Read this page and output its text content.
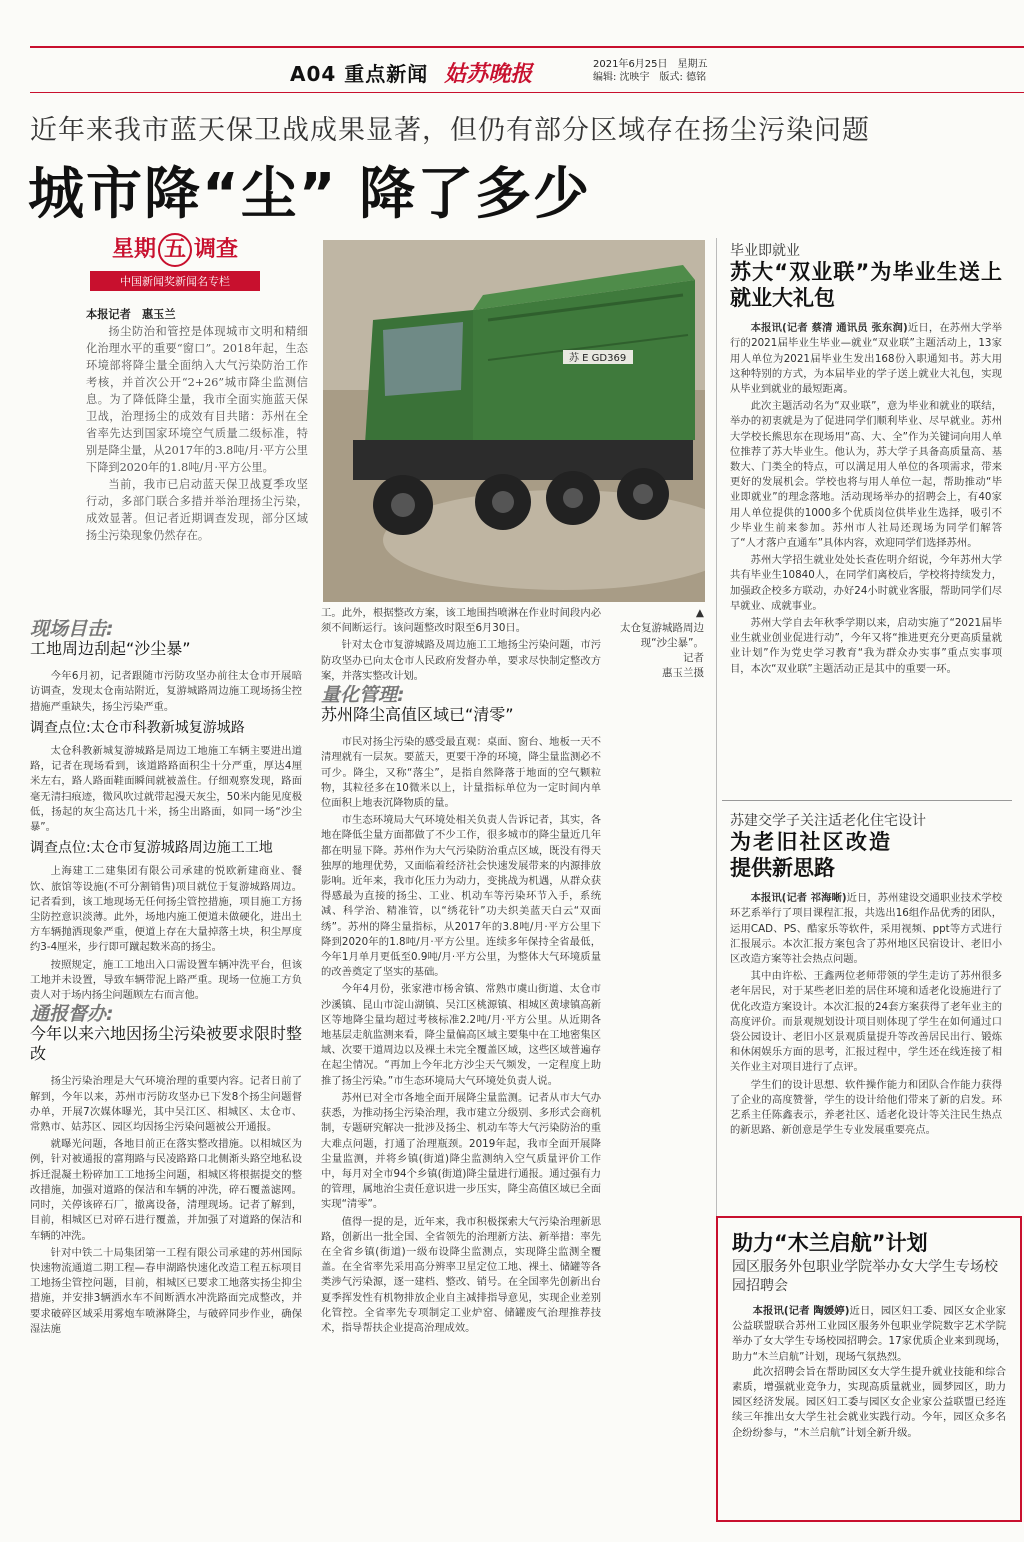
A04 重点新闻 姑苏晚报	2021年6月25日　星期五
编辑: 沈映宇　版式: 德铭
近年来我市蓝天保卫战成果显著，但仍有部分区域存在扬尘污染问题
城市降“尘” 降了多少
星期 五 调查
中国新闻奖新闻名专栏

本报记者　惠玉兰

扬尘防治和管控是体现城市文明和精细化治理水平的重要“窗口”。2018年起，生态环境部将降尘量全面纳入大气污染防治工作考核，并首次公开“2+26”城市降尘监测信息。为了降低降尘量，我市全面实施蓝天保卫战，治理扬尘的成效有目共睹：苏州在全省率先达到国家环境空气质量二级标准，特别是降尘量，从2017年的3.8吨/月·平方公里下降到2020年的1.8吨/月·平方公里。

当前，我市已启动蓝天保卫战夏季攻坚行动，多部门联合多措并举治理扬尘污染，成效显著。但记者近期调查发现，部分区域扬尘污染现象仍然存在。

苏 E GD369
▲
太仓复游城路周边现“沙尘暴”。
记者
惠玉兰摄
现场目击:
工地周边刮起“沙尘暴”

今年6月初，记者跟随市污防攻坚办前往太仓市开展暗访调查，发现太仓南站附近，复游城路周边施工现场扬尘控措施严重缺失，扬尘污染严重。

调查点位:太仓市科教新城复游城路

太仓科教新城复游城路是周边工地施工车辆主要进出道路，记者在现场看到，该道路路面积尘十分严重，厚达4厘米左右，路人路面鞋面瞬间就被盖住。仔细观察发现，路面毫无清扫痕迹，微风吹过就带起漫天灰尘，50米内能见度极低，扬起的灰尘高达几十米，扬尘出路面，如同一场“沙尘暴”。

调查点位:太仓市复游城路周边施工工地

上海建工二建集团有限公司承建的悦欧新建商业、餐饮、旅馆等设施(不可分割销售)项目就位于复游城路周边。记者看到，该工地现场无任何扬尘管控措施，项目施工方扬尘防控意识淡薄。此外，场地内施工便道未做硬化，进出土方车辆抛洒现象严重，便道上存在大量掉落土块，积尘厚度约3-4厘米，步行即可蹴起数米高的扬尘。

按照规定，施工工地出入口需设置车辆冲洗平台，但该工地并未设置，导致车辆带泥上路严重。现场一位施工方负责人对于场内扬尘问题顾左右而言他。

通报督办:
今年以来六地因扬尘污染被要求限时整改

扬尘污染治理是大气环境治理的重要内容。记者日前了解到，今年以来，苏州市污防攻坚办已下发8个扬尘问题督办单，开展7次媒体曝光，其中吴江区、相城区、太仓市、常熟市、姑苏区、园区均因扬尘污染问题被公开通报。

就曝光问题，各地目前正在落实整改措施。以相城区为例，针对被通报的富翔路与民凌路路口北侧渐头路空地私设拆迁混凝土粉碎加工工地扬尘问题，相城区将根据提交的整改措施，加强对道路的保洁和车辆的冲洗，碎石覆盖滤网。同时，关停该碎石厂，撤离设备，清理现场。记者了解到，目前，相城区已对碎石进行覆盖，并加强了对道路的保洁和车辆的冲洗。

针对中铁二十局集团第一工程有限公司承建的苏州国际快速物流通道二期工程—春申湖路快速化改造工程五标项目工地扬尘管控问题，目前，相城区已要求工地落实扬尘抑尘措施，并安排3辆洒水车不间断洒水冲洗路面完成整改，并要求破碎区域采用雾炮车喷淋降尘，与破碎同步作业，确保湿法施

工。此外，根据整改方案，该工地围挡喷淋在作业时间段内必须不间断运行。该问题整改时限至6月30日。

针对太仓市复游城路及周边施工工地扬尘污染问题，市污防攻坚办已向太仓市人民政府发督办单，要求尽快制定整改方案，并落实整改计划。

量化管理:
苏州降尘高值区域已“清零”

市民对扬尘污染的感受最直观：桌面、窗台、地板一天不清理就有一层灰。要蓝天，更要干净的环境，降尘量监测必不可少。降尘，又称“落尘”，是指自然降落于地面的空气颗粒物，其粒径多在10微米以上，计量指标单位为一定时间内单位面积上地表沉降物质的量。

市生态环境局大气环境处相关负责人告诉记者，其实，各地在降低尘量方面都做了不少工作，很多城市的降尘量近几年都在明显下降。苏州作为大气污染防治重点区域，既没有得天独厚的地理优势，又面临着经济社会快速发展带来的内源排放影响。近年来，我市化压力为动力，变挑战为机遇，从群众获得感最为直接的扬尘、工业、机动车等污染环节入手，系统减、科学治、精准管，以“绣花针”功夫织美蓝天白云“双面绣”。苏州的降尘量指标，从2017年的3.8吨/月·平方公里下降到2020年的1.8吨/月·平方公里。连续多年保持全省最低，今年1月单月更低至0.9吨/月·平方公里，为整体大气环境质量的改善奠定了坚实的基础。

今年4月份，张家港市杨舍镇、常熟市虞山街道、太仓市沙溪镇、昆山市淀山湖镇、吴江区桃源镇、相城区黄埭镇高新区等地降尘量均超过考核标准2.2吨/月·平方公里。从近期各地基层走航监测来看，降尘量偏高区域主要集中在工地密集区域、次要干道周边以及裸土未完全覆盖区域，这些区域普遍存在起尘情况。“再加上今年北方沙尘天气频发，一定程度上助推了扬尘污染。”市生态环境局大气环境处负责人说。

苏州已对全市各地全面开展降尘量监测。记者从市大气办获悉，为推动扬尘污染治理，我市建立分级别、多形式会商机制，专题研究解决一批涉及扬尘、机动车等大气污染防治的重大难点问题，打通了治理瓶颈。2019年起，我市全面开展降尘量监测，并将乡镇(街道)降尘监测纳入空气质量评价工作中，每月对全市94个乡镇(街道)降尘量进行通报。通过强有力的管理，属地治尘责任意识进一步压实，降尘高值区域已全面实现“清零”。

值得一提的是，近年来，我市积极探索大气污染治理新思路，创新出一批全国、全省领先的治理新方法、新举措：率先在全省乡镇(街道)一级布设降尘监测点，实现降尘监测全覆盖。在全省率先采用高分辨率卫星定位工地、裸土、储罐等各类涉气污染源，逐一建档、整改、销号。在全国率先创新出台夏季挥发性有机物排放企业自主减排指导意见，实现企业差别化管控。全省率先专项制定工业炉窑、储罐废气治理推荐技术，指导帮扶企业提高治理成效。

毕业即就业
苏大“双业联”为毕业生送上就业大礼包

本报讯(记者 蔡清 通讯员 张东润)近日，在苏州大学举行的2021届毕业生毕业—就业“双业联”主题活动上，13家用人单位为2021届毕业生发出168份入职通知书。苏大用这种特别的方式，为本届毕业的学子送上就业大礼包，实现从毕业到就业的最短距离。

此次主题活动名为“双业联”，意为毕业和就业的联结，举办的初衷就是为了促进同学们顺利毕业、尽早就业。苏州大学校长熊思东在现场用“高、大、全”作为关键词向用人单位推荐了苏大毕业生。他认为，苏大学子具备高质量高、基数大、门类全的特点，可以满足用人单位的各项需求，带来更好的发展机会。学校也将与用人单位一起，帮助推动“毕业即就业”的理念落地。活动现场举办的招聘会上，有40家用人单位提供的1000多个优质岗位供毕业生选择，吸引不少毕业生前来参加。苏州市人社局还现场为同学们解答了“人才落户直通车”具体内容，欢迎同学们选择苏州。

苏州大学招生就业处处长查佐明介绍说，今年苏州大学共有毕业生10840人，在同学们离校后，学校将持续发力，加强政企校多方联动，办好24小时就业客服，帮助同学们尽早就业、成就事业。

苏州大学自去年秋季学期以来，启动实施了“2021届毕业生就业创业促进行动”，今年又将“推进更充分更高质量就业计划”作为党史学习教育“我为群众办实事”重点实事项目，本次“双业联”主题活动正是其中的重要一环。

苏建交学子关注适老化住宅设计
为老旧社区改造提供新思路

本报讯(记者 祁海晰)近日，苏州建设交通职业技术学校环艺系举行了项目课程汇报，共选出16组作品优秀的团队，运用CAD、PS、酷家乐等软件，采用视频、ppt等方式进行汇报展示。本次汇报方案包含了苏州地区民宿设计、老旧小区改造方案等社会热点问题。

其中由许松、王鑫两位老师带领的学生走访了苏州很多老年居民，对于某些老旧差的居住环境和适老化设施进行了优化改造方案设计。本次汇报的24套方案获得了老年业主的高度评价。而景观规划设计项目则体现了学生在如何通过口袋公园设计、老旧小区景观质量提升等改善居民出行、锻炼和休闲娱乐方面的思考，汇报过程中，学生还在线连接了相关作业主对项目进行了点评。

学生们的设计思想、软件操作能力和团队合作能力获得了企业的高度赞誉，学生的设计给他们带来了新的启发。环艺系主任陈鑫表示，养老社区、适老化设计等关注民生热点的新思路、新创意是学生专业发展重要亮点。

助力“木兰启航”计划
园区服务外包职业学院举办女大学生专场校园招聘会

本报讯(记者 陶媛婷)近日，园区妇工委、园区女企业家公益联盟联合苏州工业园区服务外包职业学院数字艺术学院举办了女大学生专场校园招聘会。17家优质企业来到现场，助力“木兰启航”计划，现场气氛热烈。

此次招聘会旨在帮助园区女大学生提升就业技能和综合素质，增强就业竞争力，实现高质量就业，圆梦园区，助力园区经济发展。园区妇工委与园区女企业家公益联盟已经连续三年推出女大学生社会就业实践行动。今年，园区众多名企纷纷参与，“木兰启航”计划全新升级。
